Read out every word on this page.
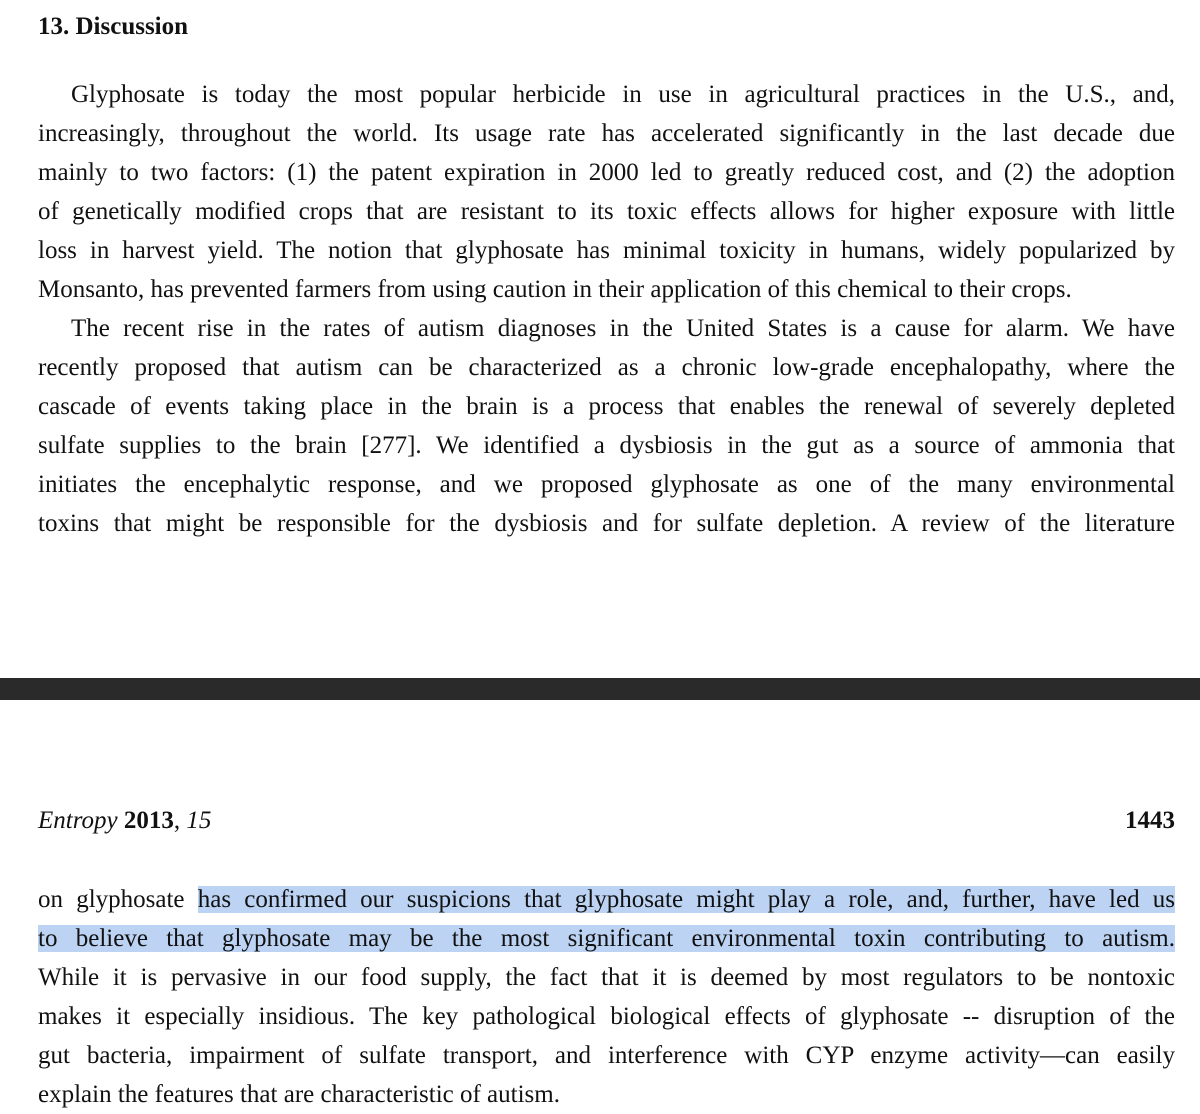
13. Discussion
Glyphosate is today the most popular herbicide in use in agricultural practices in the U.S., and,
increasingly, throughout the world. Its usage rate has accelerated significantly in the last decade due
mainly to two factors: (1) the patent expiration in 2000 led to greatly reduced cost, and (2) the adoption
of genetically modified crops that are resistant to its toxic effects allows for higher exposure with little
loss in harvest yield. The notion that glyphosate has minimal toxicity in humans, widely popularized by
Monsanto, has prevented farmers from using caution in their application of this chemical to their crops.
The recent rise in the rates of autism diagnoses in the United States is a cause for alarm. We have
recently proposed that autism can be characterized as a chronic low-grade encephalopathy, where the
cascade of events taking place in the brain is a process that enables the renewal of severely depleted
sulfate supplies to the brain [277]. We identified a dysbiosis in the gut as a source of ammonia that
initiates the encephalytic response, and we proposed glyphosate as one of the many environmental
toxins that might be responsible for the dysbiosis and for sulfate depletion. A review of the literature
Entropy 2013, 15	1443
on glyphosate has confirmed our suspicions that glyphosate might play a role, and, further, have led us
to believe that glyphosate may be the most significant environmental toxin contributing to autism.
While it is pervasive in our food supply, the fact that it is deemed by most regulators to be nontoxic
makes it especially insidious. The key pathological biological effects of glyphosate -- disruption of the
gut bacteria, impairment of sulfate transport, and interference with CYP enzyme activity—can easily
explain the features that are characteristic of autism.
